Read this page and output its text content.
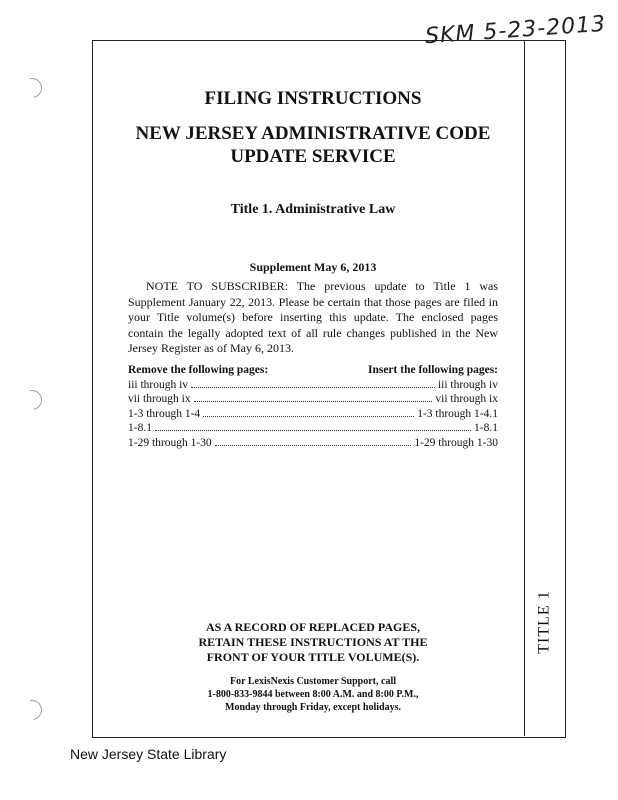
SKM 5-23-2013
TITLE 1
FILING INSTRUCTIONS
NEW JERSEY ADMINISTRATIVE CODE
UPDATE SERVICE
Title 1. Administrative Law
Supplement May 6, 2013
NOTE TO SUBSCRIBER: The previous update to Title 1 was Supplement January 22, 2013. Please be certain that those pages are filed in your Title volume(s) before inserting this update. The enclosed pages contain the legally adopted text of all rule changes published in the New Jersey Register as of May 6, 2013.
Remove the following pages:	Insert the following pages:
iii through iv	iii through iv
vii through ix	vii through ix
1-3 through 1-4	1-3 through 1-4.1
1-8.1	1-8.1
1-29 through 1-30	1-29 through 1-30
AS A RECORD OF REPLACED PAGES,
RETAIN THESE INSTRUCTIONS AT THE
FRONT OF YOUR TITLE VOLUME(S).
For LexisNexis Customer Support, call
1-800-833-9844 between 8:00 A.M. and 8:00 P.M.,
Monday through Friday, except holidays.
New Jersey State Library
